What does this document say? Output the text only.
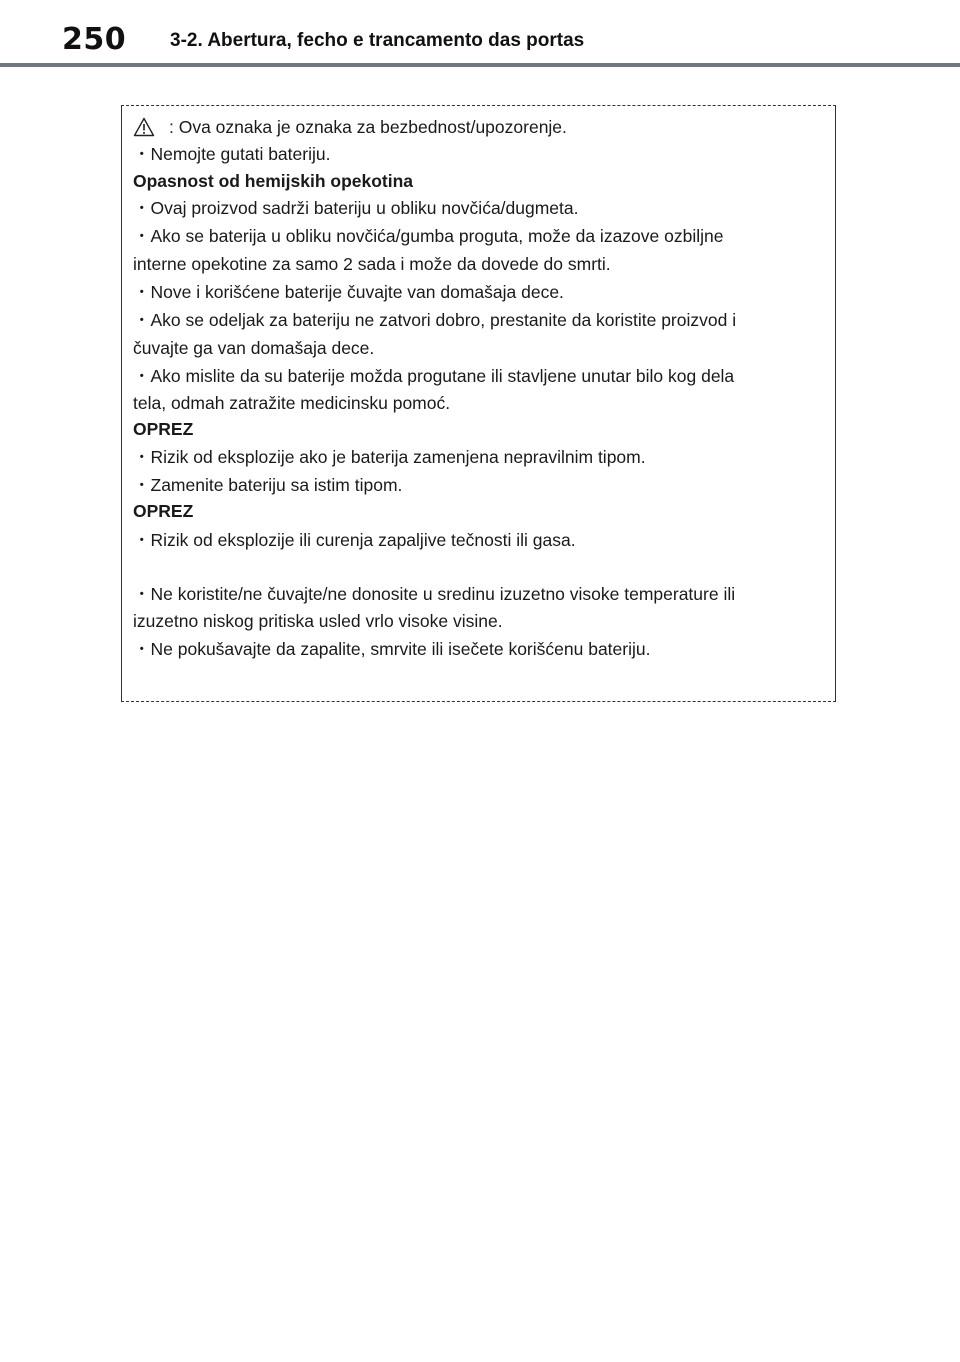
250 3-2. Abertura, fecho e trancamento das portas
: Ova oznaka je oznaka za bezbednost/upozorenje.
・Nemojte gutati bateriju.
Opasnost od hemijskih opekotina
・Ovaj proizvod sadrži bateriju u obliku novčića/dugmeta.
・Ako se baterija u obliku novčića/gumba proguta, može da izazove ozbiljne
interne opekotine za samo 2 sada i može da dovede do smrti.
・Nove i korišćene baterije čuvajte van domašaja dece.
・Ako se odeljak za bateriju ne zatvori dobro, prestanite da koristite proizvod i
čuvajte ga van domašaja dece.
・Ako mislite da su baterije možda progutane ili stavljene unutar bilo kog dela
tela, odmah zatražite medicinsku pomoć.
OPREZ
・Rizik od eksplozije ako je baterija zamenjena nepravilnim tipom.
・Zamenite bateriju sa istim tipom.
OPREZ
・Rizik od eksplozije ili curenja zapaljive tečnosti ili gasa.
・Ne koristite/ne čuvajte/ne donosite u sredinu izuzetno visoke temperature ili
izuzetno niskog pritiska usled vrlo visoke visine.
・Ne pokušavajte da zapalite, smrvite ili isečete korišćenu bateriju.
